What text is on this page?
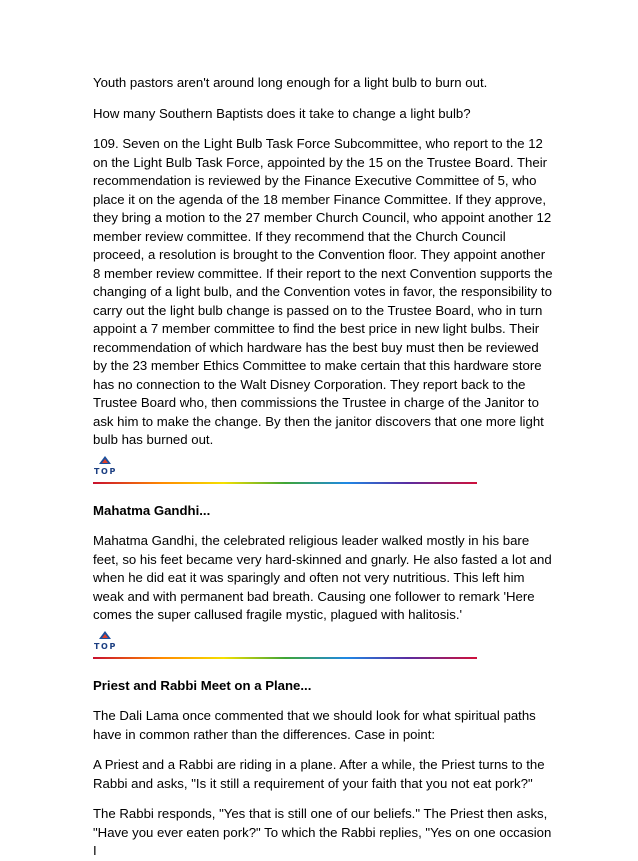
Youth pastors aren't around long enough for a light bulb to burn out.

How many Southern Baptists does it take to change a light bulb?

109. Seven on the Light Bulb Task Force Subcommittee, who report to the 12 on the Light Bulb Task Force, appointed by the 15 on the Trustee Board. Their recommendation is reviewed by the Finance Executive Committee of 5, who place it on the agenda of the 18 member Finance Committee. If they approve, they bring a motion to the 27 member Church Council, who appoint another 12 member review committee. If they recommend that the Church Council proceed, a resolution is brought to the Convention floor. They appoint another 8 member review committee. If their report to the next Convention supports the changing of a light bulb, and the Convention votes in favor, the responsibility to carry out the light bulb change is passed on to the Trustee Board, who in turn appoint a 7 member committee to find the best price in new light bulbs. Their recommendation of which hardware has the best buy must then be reviewed by the 23 member Ethics Committee to make certain that this hardware store has no connection to the Walt Disney Corporation. They report back to the Trustee Board who, then commissions the Trustee in charge of the Janitor to ask him to make the change. By then the janitor discovers that one more light bulb has burned out.

TOP

Mahatma Gandhi...

Mahatma Gandhi, the celebrated religious leader walked mostly in his bare feet, so his feet became very hard-skinned and gnarly. He also fasted a lot and when he did eat it was sparingly and often not very nutritious. This left him weak and with permanent bad breath. Causing one follower to remark 'Here comes the super callused fragile mystic, plagued with halitosis.'

TOP

Priest and Rabbi Meet on a Plane...

The Dali Lama once commented that we should look for what spiritual paths have in common rather than the differences. Case in point:

A Priest and a Rabbi are riding in a plane. After a while, the Priest turns to the Rabbi and asks, "Is it still a requirement of your faith that you not eat pork?"

The Rabbi responds, "Yes that is still one of our beliefs." The Priest then asks, "Have you ever eaten pork?" To which the Rabbi replies, "Yes on one occasion I
